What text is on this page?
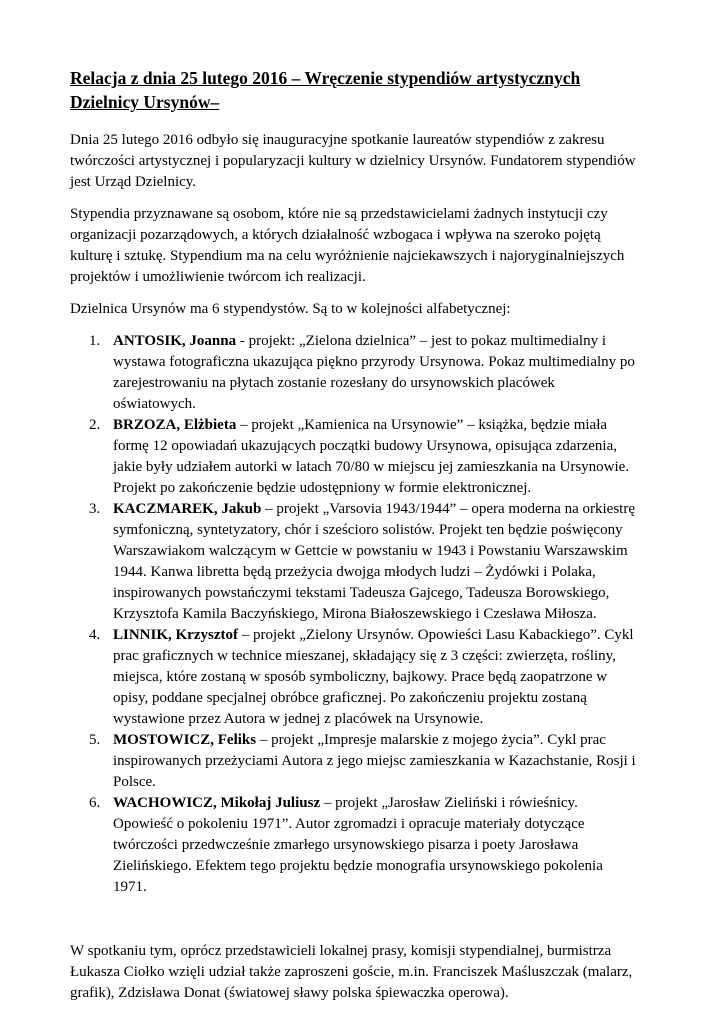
Relacja z dnia 25 lutego 2016 – Wręczenie stypendiów artystycznych Dzielnicy Ursynów–

Dnia 25 lutego 2016 odbyło się inauguracyjne spotkanie laureatów stypendiów z zakresu twórczości artystycznej i popularyzacji kultury w dzielnicy Ursynów. Fundatorem stypendiów jest Urząd Dzielnicy.

Stypendia przyznawane są osobom, które nie są przedstawicielami żadnych instytucji czy organizacji pozarządowych, a których działalność wzbogaca i wpływa na szeroko pojętą kulturę i sztukę. Stypendium ma na celu wyróżnienie najciekawszych i najoryginalniejszych projektów i umożliwienie twórcom ich realizacji.

Dzielnica Ursynów ma 6 stypendystów. Są to w kolejności alfabetycznej:

1. ANTOSIK, Joanna - projekt: „Zielona dzielnica” – jest to pokaz multimedialny i wystawa fotograficzna ukazująca piękno przyrody Ursynowa. Pokaz multimedialny po zarejestrowaniu na płytach zostanie rozesłany do ursynowskich placówek oświatowych.
2. BRZOZA, Elżbieta – projekt „Kamienica na Ursynowie” – książka, będzie miała formę 12 opowiadań ukazujących początki budowy Ursynowa, opisująca zdarzenia, jakie były udziałem autorki w latach 70/80 w miejscu jej zamieszkania na Ursynowie. Projekt po zakończenie będzie udostępniony w formie elektronicznej.
3. KACZMAREK, Jakub – projekt „Varsovia 1943/1944” – opera moderna na orkiestrę symfoniczną, syntetyzatory, chór i sześcioro solistów. Projekt ten będzie poświęcony Warszawiakom walczącym w Gettcie w powstaniu w 1943 i Powstaniu Warszawskim 1944. Kanwa libretta będą przeżycia dwojga młodych ludzi – Żydówki i Polaka, inspirowanych powstańczymi tekstami Tadeusza Gajcego, Tadeusza Borowskiego, Krzysztofa Kamila Baczyńskiego, Mirona Białoszewskiego i Czesława Miłosza.
4. LINNIK, Krzysztof – projekt „Zielony Ursynów. Opowieści Lasu Kabackiego”. Cykl prac graficznych w technice mieszanej, składający się z 3 części: zwierzęta, rośliny, miejsca, które zostaną w sposób symboliczny, bajkowy. Prace będą zaopatrzone w opisy, poddane specjalnej obróbce graficznej. Po zakończeniu projektu zostaną wystawione przez Autora w jednej z placówek na Ursynowie.
5. MOSTOWICZ, Feliks – projekt „Impresje malarskie z mojego życia”. Cykl prac inspirowanych przeżyciami Autora z jego miejsc zamieszkania w Kazachstanie, Rosji i Polsce.
6. WACHOWICZ, Mikołaj Juliusz – projekt „Jarosław Zieliński i rówieśnicy. Opowieść o pokoleniu 1971”. Autor zgromadzi i opracuje materiały dotyczące twórczości przedwcześnie zmarłego ursynowskiego pisarza i poety Jarosława Zielińskiego. Efektem tego projektu będzie monografia ursynowskiego pokolenia 1971.

W spotkaniu tym, oprócz przedstawicieli lokalnej prasy, komisji stypendialnej, burmistrza Łukasza Ciołko wzięli udział także zaproszeni goście, m.in. Franciszek Maśluszczak (malarz, grafik), Zdzisława Donat (światowej sławy polska śpiewaczka operowa).
